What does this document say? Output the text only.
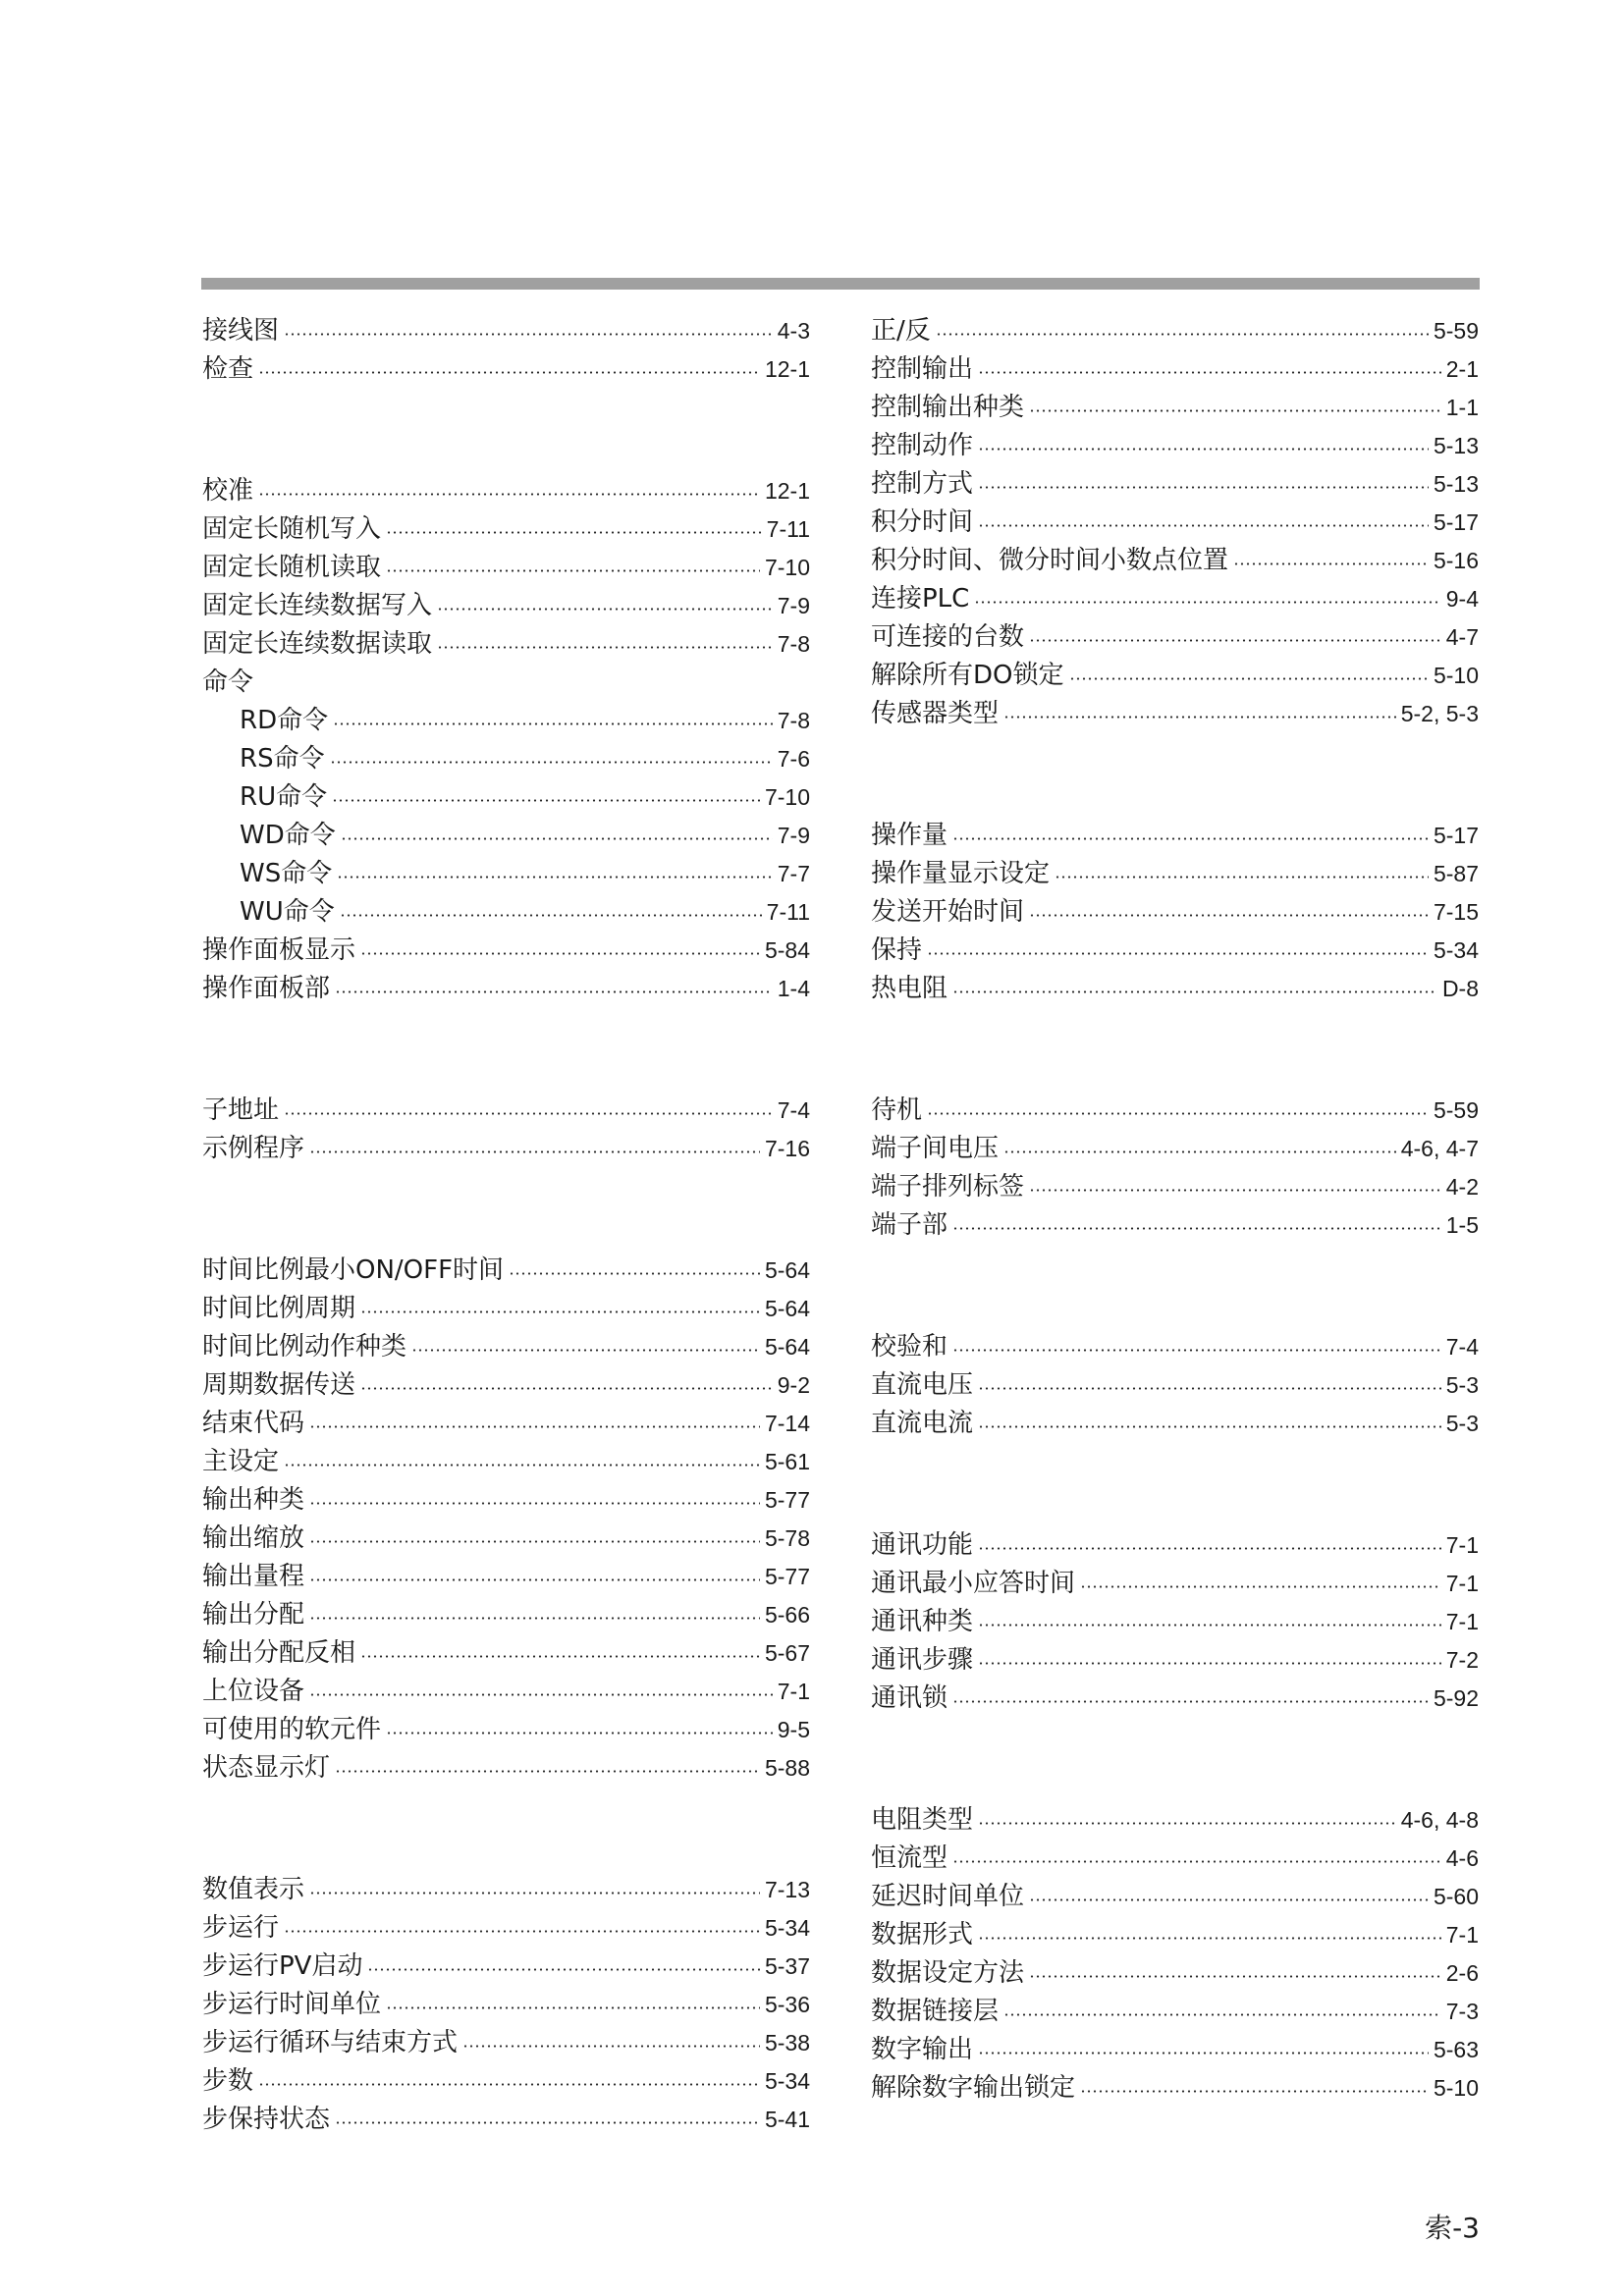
接线图	4-3
检查	12-1
校准	12-1
固定长随机写入	7-11
固定长随机读取	7-10
固定长连续数据写入	7-9
固定长连续数据读取	7-8
命令
RD命令	7-8
RS命令	7-6
RU命令	7-10
WD命令	7-9
WS命令	7-7
WU命令	7-11
操作面板显示	5-84
操作面板部	1-4
子地址	7-4
示例程序	7-16
时间比例最小ON/OFF时间	5-64
时间比例周期	5-64
时间比例动作种类	5-64
周期数据传送	9-2
结束代码	7-14
主设定	5-61
输出种类	5-77
输出缩放	5-78
输出量程	5-77
输出分配	5-66
输出分配反相	5-67
上位设备	7-1
可使用的软元件	9-5
状态显示灯	5-88
数值表示	7-13
步运行	5-34
步运行PV启动	5-37
步运行时间单位	5-36
步运行循环与结束方式	5-38
步数	5-34
步保持状态	5-41
正/反	5-59
控制输出	2-1
控制输出种类	1-1
控制动作	5-13
控制方式	5-13
积分时间	5-17
积分时间、微分时间小数点位置	5-16
连接PLC	9-4
可连接的台数	4-7
解除所有DO锁定	5-10
传感器类型	5-2, 5-3
操作量	5-17
操作量显示设定	5-87
发送开始时间	7-15
保持	5-34
热电阻	D-8
待机	5-59
端子间电压	4-6, 4-7
端子排列标签	4-2
端子部	1-5
校验和	7-4
直流电压	5-3
直流电流	5-3
通讯功能	7-1
通讯最小应答时间	7-1
通讯种类	7-1
通讯步骤	7-2
通讯锁	5-92
电阻类型	4-6, 4-8
恒流型	4-6
延迟时间单位	5-60
数据形式	7-1
数据设定方法	2-6
数据链接层	7-3
数字输出	5-63
解除数字输出锁定	5-10
索-3
